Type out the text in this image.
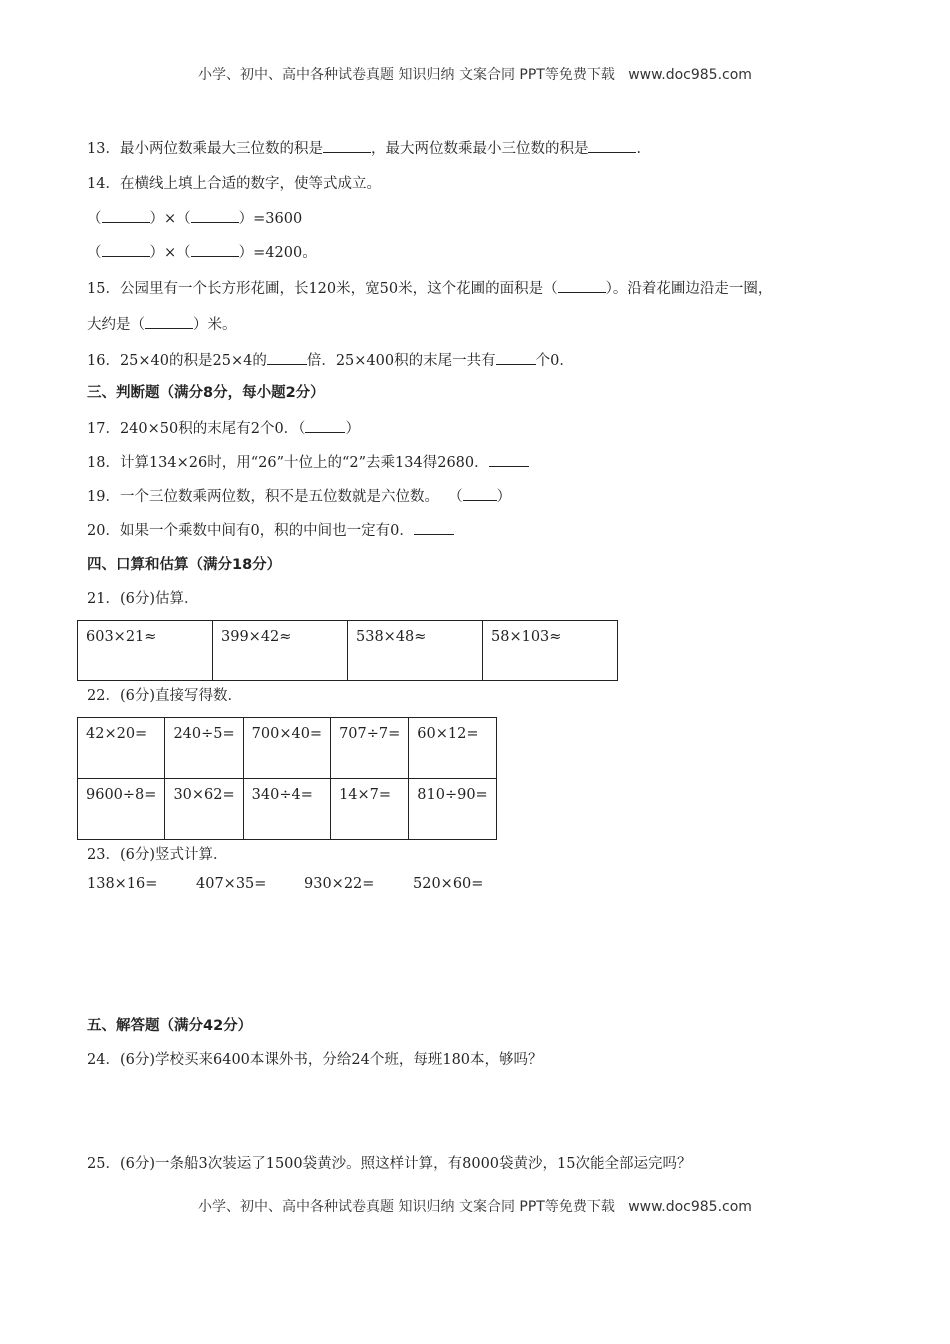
小学、初中、高中各种试卷真题 知识归纳 文案合同 PPT等免费下载 www.doc985.com
13．最小两位数乘最大三位数的积是	，最大两位数乘最小三位数的积是	．
14．在横线上填上合适的数字，使等式成立。
（	）×（	）=3600
（	）×（	）=4200。
15．公园里有一个长方形花圃，长120米，宽50米，这个花圃的面积是（	）。沿着花圃边沿走一圈，
大约是（	）米。
16．25×40的积是25×4的	倍．25×400积的末尾一共有	个0．
三、判断题（满分8分，每小题2分）
17．240×50积的末尾有2个0．（	）
18．计算134×26时，用“26”十位上的“2”去乘134得2680．
19．一个三位数乘两位数，积不是五位数就是六位数。 （ ）
20．如果一个乘数中间有0，积的中间也一定有0．
四、口算和估算（满分18分）
21．(6分)估算．
603×21≈	399×42≈	538×48≈	58×103≈
22．(6分)直接写得数．
42×20=	240÷5=	700×40=	707÷7=	60×12=
9600÷8=	30×62=	340÷4=	14×7=	810÷90=
23．(6分)竖式计算．
138×16=	407×35=	930×22=	520×60=
五、解答题（满分42分）
24．(6分)学校买来6400本课外书，分给24个班，每班180本，够吗？
25．(6分)一条船3次装运了1500袋黄沙。照这样计算，有8000袋黄沙，15次能全部运完吗？
小学、初中、高中各种试卷真题 知识归纳 文案合同 PPT等免费下载 www.doc985.com
